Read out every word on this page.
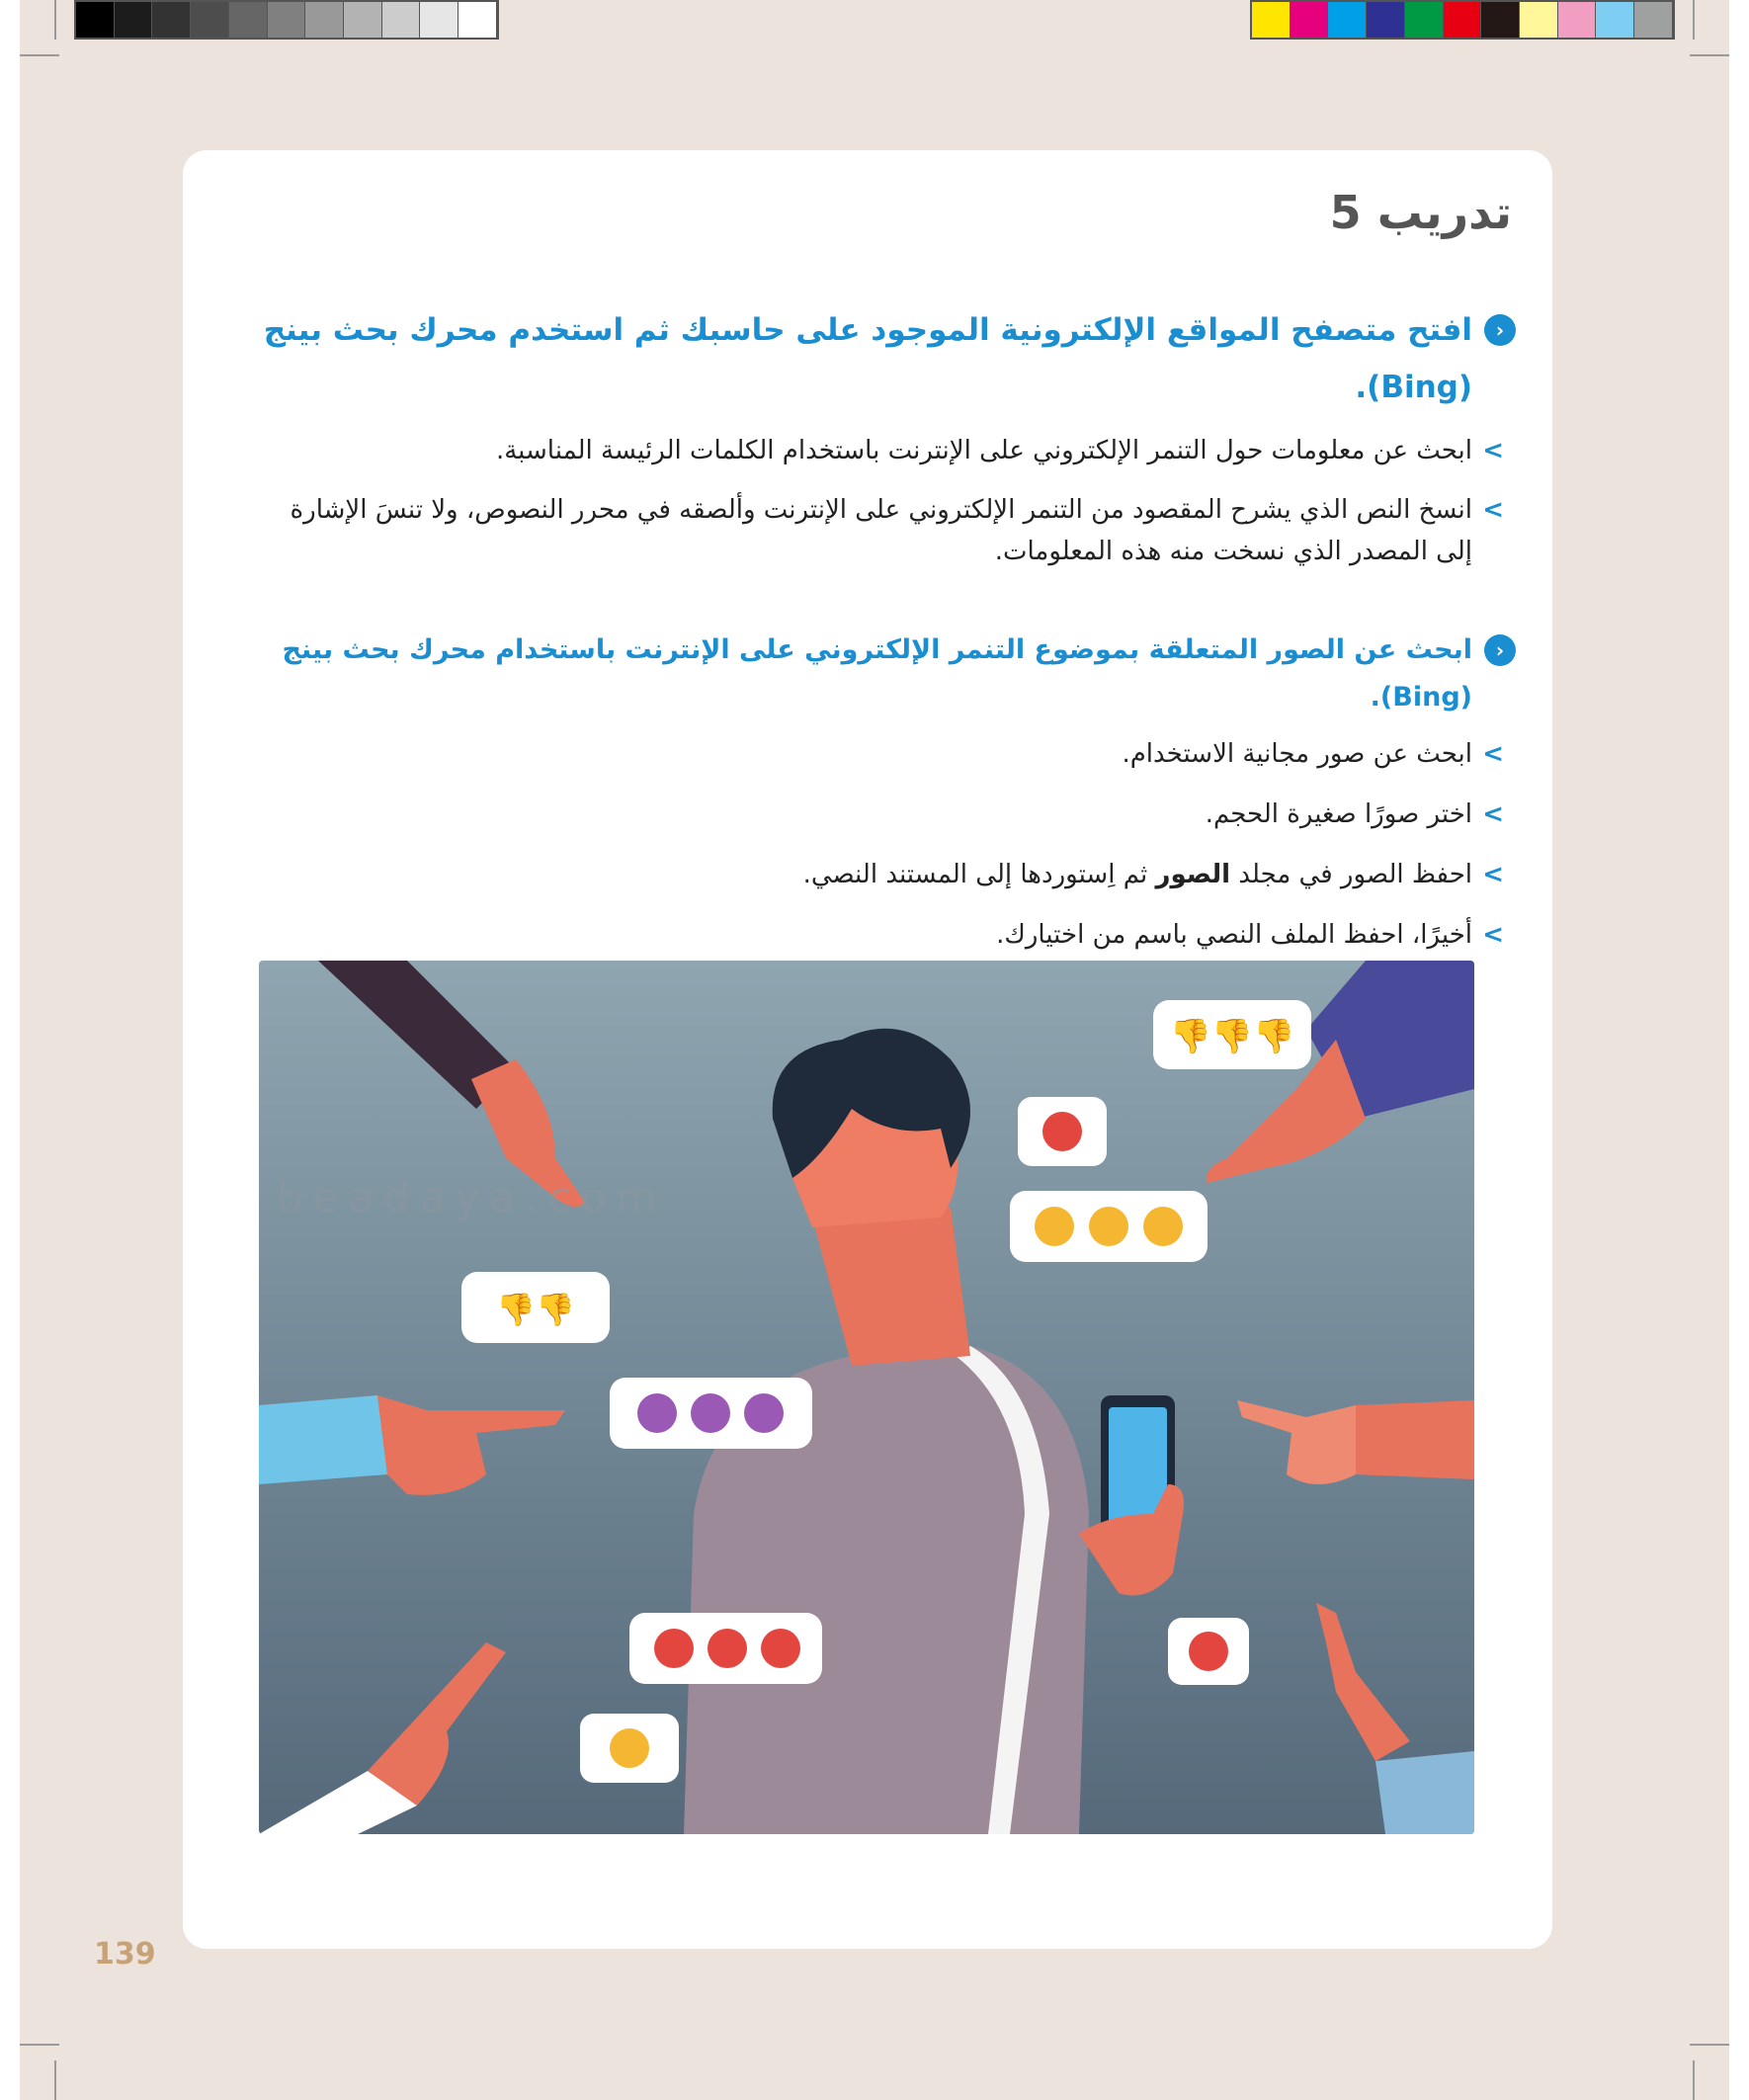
تدريب 5

‹
افتح متصفح المواقع الإلكترونية الموجود على حاسبك ثم استخدم محرك بحث بينج (Bing).

>
ابحث عن معلومات حول التنمر الإلكتروني على الإنترنت باستخدام الكلمات الرئيسة المناسبة.
>
انسخ النص الذي يشرح المقصود من التنمر الإلكتروني على الإنترنت وألصقه في محرر النصوص، ولا تنسَ الإشارة إلى المصدر الذي نسخت منه هذه المعلومات.

‹
ابحث عن الصور المتعلقة بموضوع التنمر الإلكتروني على الإنترنت باستخدام محرك بحث بينج (Bing).

>
ابحث عن صور مجانية الاستخدام.
>
اختر صورًا صغيرة الحجم.
>
احفظ الصور في مجلد الصور ثم اِستوردها إلى المستند النصي.
>
أخيرًا، احفظ الملف النصي باسم من اختيارك.
👎👎👎
👎👎
beadaya.com
139
